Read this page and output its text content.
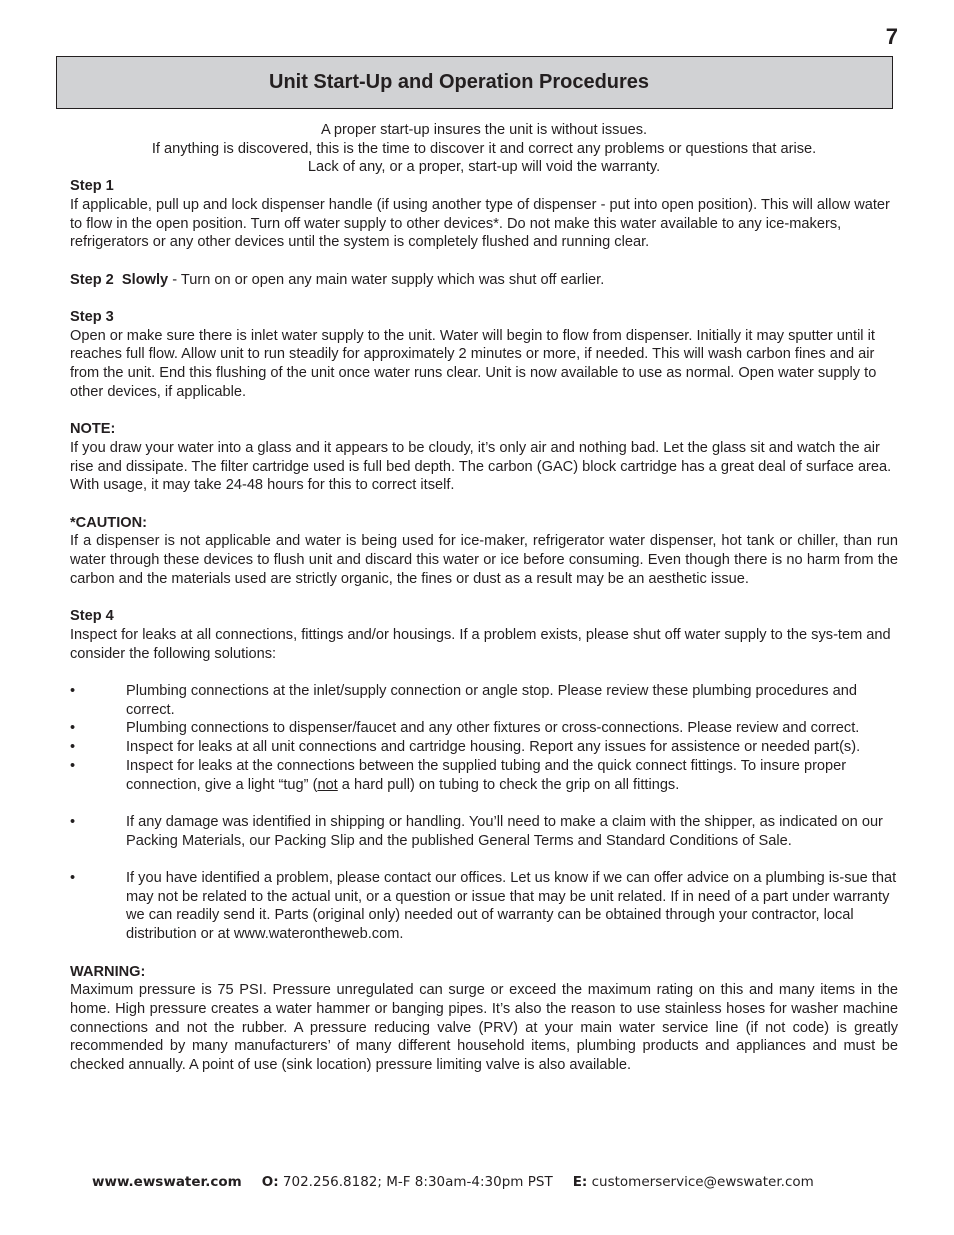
7
Unit Start-Up and Operation Procedures
A proper start-up insures the unit is without issues.
If anything is discovered, this is the time to discover it and correct any problems or questions that arise.
Lack of any, or a proper, start-up will void the warranty.
Step 1
If applicable, pull up and lock dispenser handle (if using another type of dispenser - put into open position). This will allow water to flow in the open position. Turn off water supply to other devices*. Do not make this water available to any ice-makers, refrigerators or any other devices until the system is completely flushed and running clear.
Step 2 Slowly - Turn on or open any main water supply which was shut off earlier.
Step 3
Open or make sure there is inlet water supply to the unit. Water will begin to flow from dispenser. Initially it may sputter until it reaches full flow. Allow unit to run steadily for approximately 2 minutes or more, if needed. This will wash carbon fines and air from the unit. End this flushing of the unit once water runs clear. Unit is now available to use as normal. Open water supply to other devices, if applicable.
NOTE:
If you draw your water into a glass and it appears to be cloudy, it’s only air and nothing bad. Let the glass sit and watch the air rise and dissipate. The filter cartridge used is full bed depth. The carbon (GAC) block cartridge has a great deal of surface area. With usage, it may take 24-48 hours for this to correct itself.
*CAUTION:
If a dispenser is not applicable and water is being used for ice-maker, refrigerator water dispenser, hot tank or chiller, than run water through these devices to flush unit and discard this water or ice before consuming. Even though there is no harm from the carbon and the materials used are strictly organic, the fines or dust as a result may be an aesthetic issue.
Step 4
Inspect for leaks at all connections, fittings and/or housings. If a problem exists, please shut off water supply to the sys-tem and consider the following solutions:
•	Plumbing connections at the inlet/supply connection or angle stop. Please review these plumbing procedures and correct.
•	Plumbing connections to dispenser/faucet and any other fixtures or cross-connections. Please review and correct.
•	Inspect for leaks at all unit connections and cartridge housing. Report any issues for assistence or needed part(s).
•	Inspect for leaks at the connections between the supplied tubing and the quick connect fittings. To insure proper connection, give a light “tug” (not a hard pull) on tubing to check the grip on all fittings.
•	If any damage was identified in shipping or handling. You’ll need to make a claim with the shipper, as indicated on our Packing Materials, our Packing Slip and the published General Terms and Standard Conditions of Sale.
•	If you have identified a problem, please contact our offices. Let us know if we can offer advice on a plumbing is-sue that may not be related to the actual unit, or a question or issue that may be unit related. If in need of a part under warranty we can readily send it. Parts (original only) needed out of warranty can be obtained through your contractor, local distribution or at www.waterontheweb.com.
WARNING:
Maximum pressure is 75 PSI. Pressure unregulated can surge or exceed the maximum rating on this and many items in the home. High pressure creates a water hammer or banging pipes. It’s also the reason to use stainless hoses for washer machine connections and not the rubber. A pressure reducing valve (PRV) at your main water service line (if not code) is greatly recommended by many manufacturers’ of many different household items, plumbing products and appliances and must be checked annually. A point of use (sink location) pressure limiting valve is also available.
www.ewswater.com O: 702.256.8182; M-F 8:30am-4:30pm PST E: customerservice@ewswater.com
